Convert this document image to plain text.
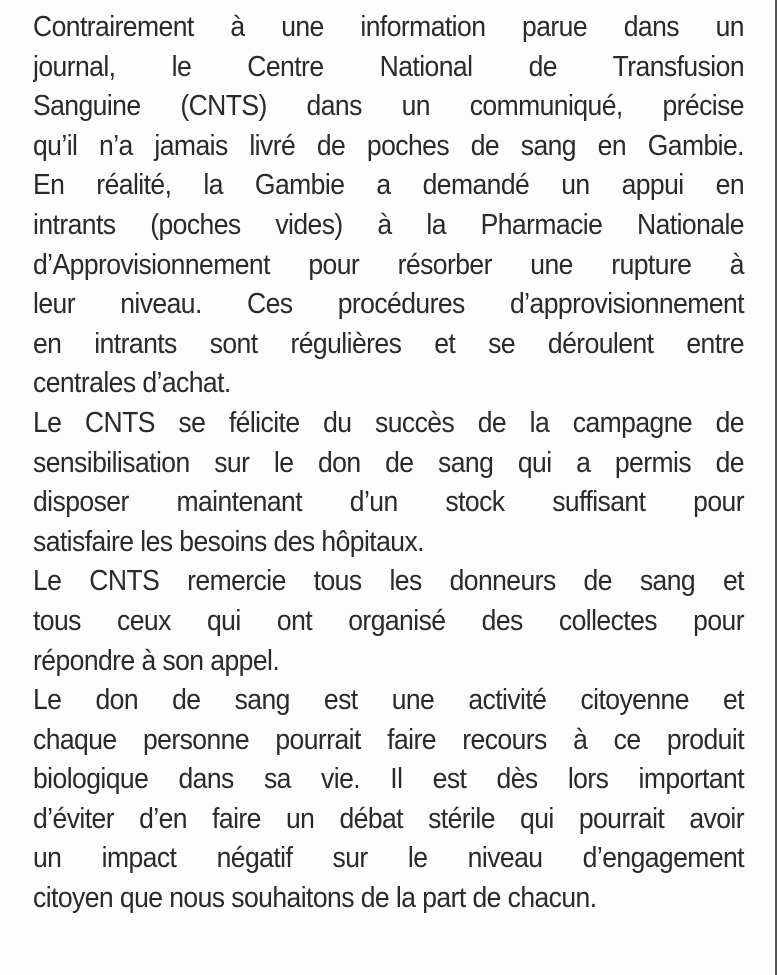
Contrairement à une information parue dans un
journal, le Centre National de Transfusion
Sanguine (CNTS) dans un communiqué, précise
qu’il n’a jamais livré de poches de sang en Gambie.
En réalité, la Gambie a demandé un appui en
intrants (poches vides) à la Pharmacie Nationale
d’Approvisionnement pour résorber une rupture à
leur niveau. Ces procédures d’approvisionnement
en intrants sont régulières et se déroulent entre
centrales d’achat.
Le CNTS se félicite du succès de la campagne de
sensibilisation sur le don de sang qui a permis de
disposer maintenant d’un stock suffisant pour
satisfaire les besoins des hôpitaux.
Le CNTS remercie tous les donneurs de sang et
tous ceux qui ont organisé des collectes pour
répondre à son appel.
Le don de sang est une activité citoyenne et
chaque personne pourrait faire recours à ce produit
biologique dans sa vie. Il est dès lors important
d’éviter d’en faire un débat stérile qui pourrait avoir
un impact négatif sur le niveau d’engagement
citoyen que nous souhaitons de la part de chacun.
